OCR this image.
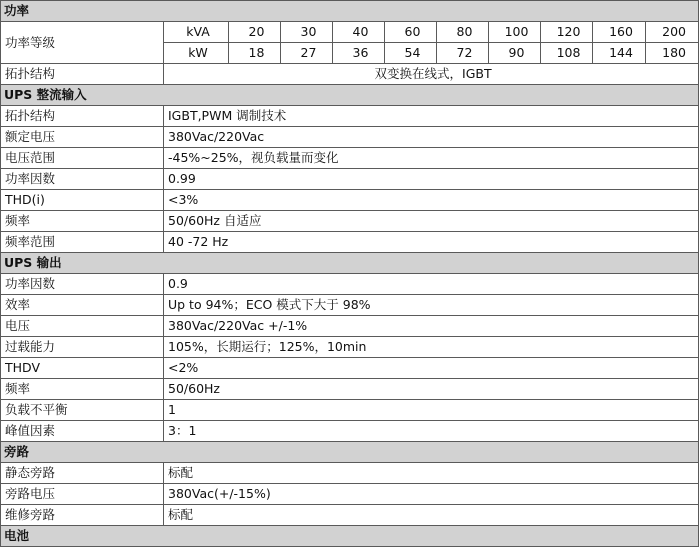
功率										
功率等级	kVA	20	30	40	60	80	100	120	160	200
	kW	18	27	36	54	72	90	108	144	180
拓扑结构	双变换在线式，IGBT									
UPS 整流输入										
拓扑结构	IGBT,PWM 调制技术									
额定电压	380Vac/220Vac									
电压范围	-45%~25%，视负载量而变化									
功率因数	0.99									
THD(i)	<3%									
频率	50/60Hz 自适应									
频率范围	40 -72 Hz									
UPS 输出										
功率因数	0.9									
效率	Up to 94%；ECO 模式下大于 98%									
电压	380Vac/220Vac +/-1%									
过载能力	105%，长期运行；125%，10min									
THDV	<2%									
频率	50/60Hz									
负载不平衡	1									
峰值因素	3：1									
旁路										
静态旁路	标配									
旁路电压	380Vac(+/-15%)									
维修旁路	标配									
电池										
